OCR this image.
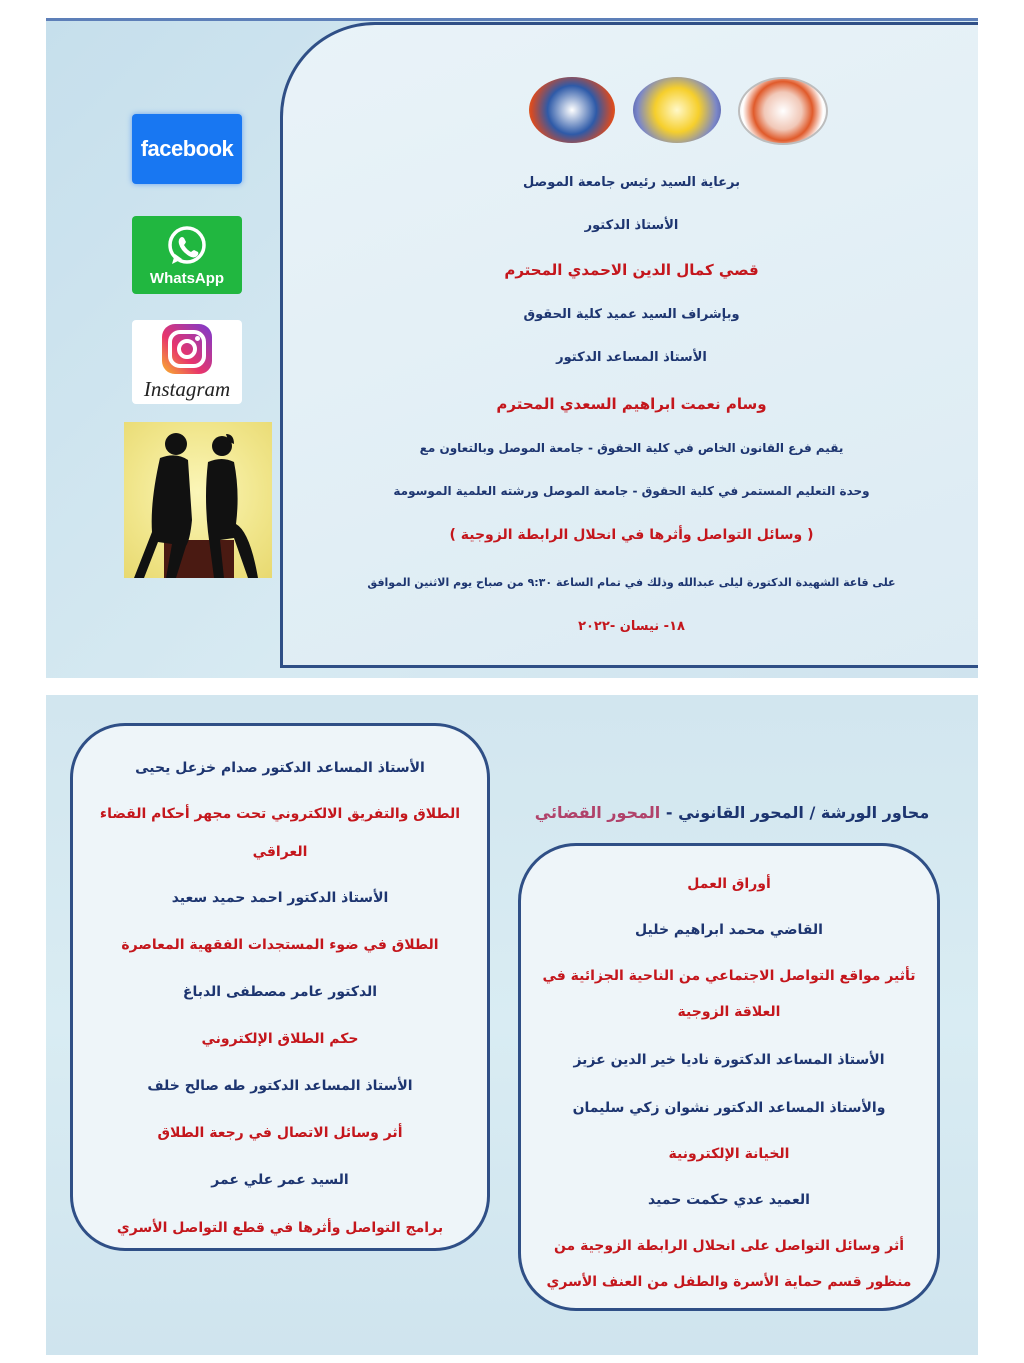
facebook
WhatsApp
Instagram
برعاية السيد رئيس جامعة الموصل
الأستاذ الدكتور
قصي كمال الدين الاحمدي المحترم
وبإشراف السيد عميد كلية الحقوق
الأستاذ المساعد الدكتور
وسام نعمت ابراهيم السعدي المحترم
يقيم فرع القانون الخاص في كلية الحقوق - جامعة الموصل وبالتعاون مع
وحدة التعليم المستمر في كلية الحقوق - جامعة الموصل ورشته العلمية الموسومة
( وسائل التواصل وأثرها في انحلال الرابطة الزوجية )
على قاعة الشهيدة الدكتورة ليلى عبدالله وذلك في تمام الساعة ٩:٣٠ من صباح يوم الاثنين الموافق
١٨- نيسان -٢٠٢٢
الأستاذ المساعد الدكتور صدام خزعل يحيى
الطلاق والتفريق الالكتروني تحت مجهر أحكام القضاء
العراقي
الأستاذ الدكتور احمد حميد سعيد
الطلاق في ضوء المستجدات الفقهية المعاصرة
الدكتور عامر مصطفى الدباغ
حكم الطلاق الإلكتروني
الأستاذ المساعد الدكتور طه صالح خلف
أثر وسائل الاتصال في رجعة الطلاق
السيد عمر علي عمر
برامج التواصل وأثرها في قطع التواصل الأسري
محاور الورشة / المحور القانوني - المحور القضائي
أوراق العمل
القاضي محمد ابراهيم خليل
تأثير مواقع التواصل الاجتماعي من الناحية الجزائية في
العلاقة الزوجية
الأستاذ المساعد الدكتورة ناديا خير الدين عزيز
والأستاذ المساعد الدكتور نشوان زكي سليمان
الخيانة الإلكترونية
العميد عدي حكمت حميد
أثر وسائل التواصل على انحلال الرابطة الزوجية من
منظور قسم حماية الأسرة والطفل من العنف الأسري
